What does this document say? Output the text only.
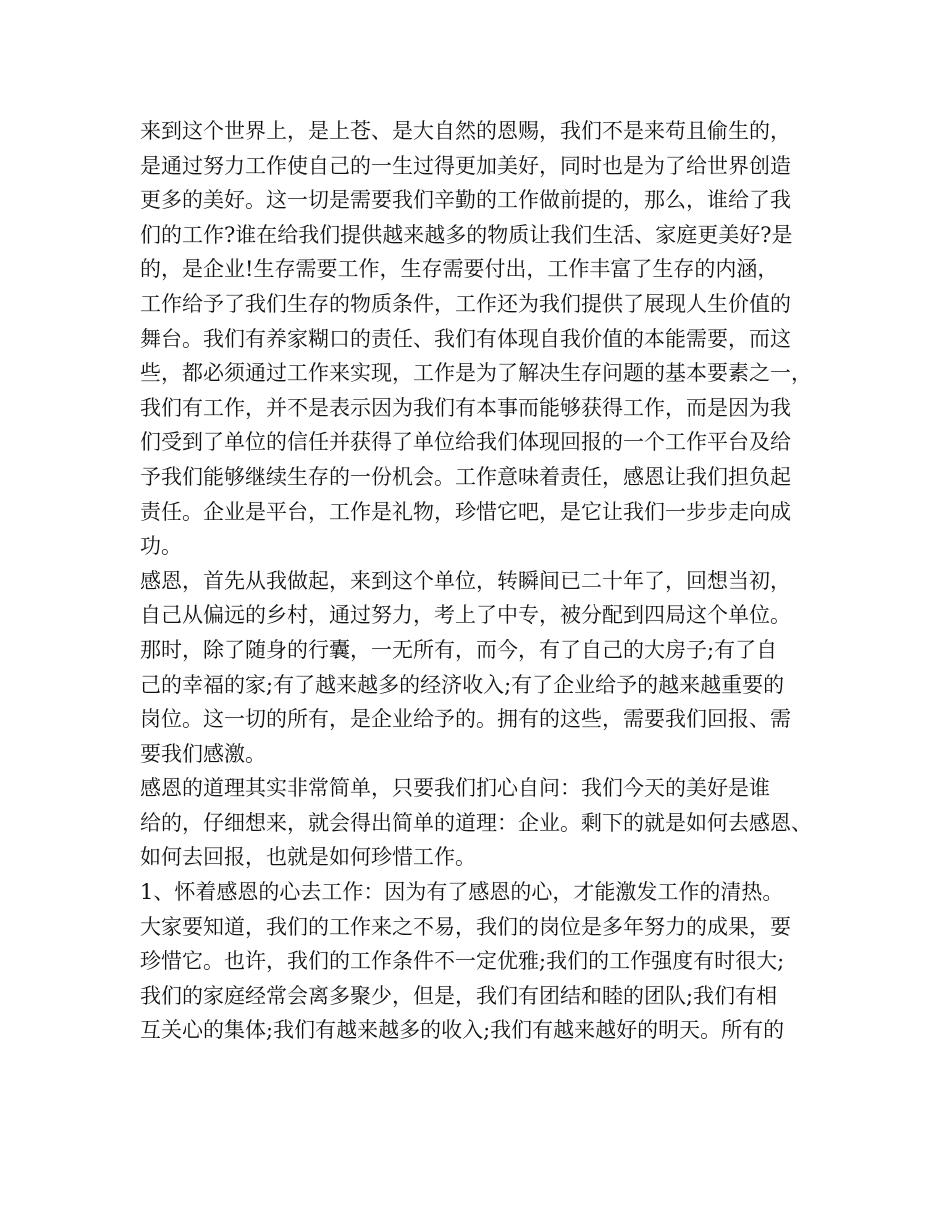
来到这个世界上，是上苍、是大自然的恩赐，我们不是来苟且偷生的，
是通过努力工作使自己的一生过得更加美好，同时也是为了给世界创造
更多的美好。这一切是需要我们辛勤的工作做前提的，那么，谁给了我
们的工作?谁在给我们提供越来越多的物质让我们生活、家庭更美好?是
的，是企业!生存需要工作，生存需要付出，工作丰富了生存的内涵，
工作给予了我们生存的物质条件，工作还为我们提供了展现人生价值的
舞台。我们有养家糊口的责任、我们有体现自我价值的本能需要，而这
些，都必须通过工作来实现，工作是为了解决生存问题的基本要素之一，
我们有工作，并不是表示因为我们有本事而能够获得工作，而是因为我
们受到了单位的信任并获得了单位给我们体现回报的一个工作平台及给
予我们能够继续生存的一份机会。工作意味着责任，感恩让我们担负起
责任。企业是平台，工作是礼物，珍惜它吧，是它让我们一步步走向成
功。
感恩，首先从我做起，来到这个单位，转瞬间已二十年了，回想当初，
自己从偏远的乡村，通过努力，考上了中专，被分配到四局这个单位。
那时，除了随身的行囊，一无所有，而今，有了自己的大房子;有了自
己的幸福的家;有了越来越多的经济收入;有了企业给予的越来越重要的
岗位。这一切的所有，是企业给予的。拥有的这些，需要我们回报、需
要我们感激。
感恩的道理其实非常简单，只要我们扪心自问：我们今天的美好是谁
给的，仔细想来，就会得出简单的道理：企业。剩下的就是如何去感恩、
如何去回报，也就是如何珍惜工作。
1、怀着感恩的心去工作：因为有了感恩的心，才能激发工作的清热。
大家要知道，我们的工作来之不易，我们的岗位是多年努力的成果，要
珍惜它。也许，我们的工作条件不一定优雅;我们的工作强度有时很大;
我们的家庭经常会离多聚少，但是，我们有团结和睦的团队;我们有相
互关心的集体;我们有越来越多的收入;我们有越来越好的明天。所有的
